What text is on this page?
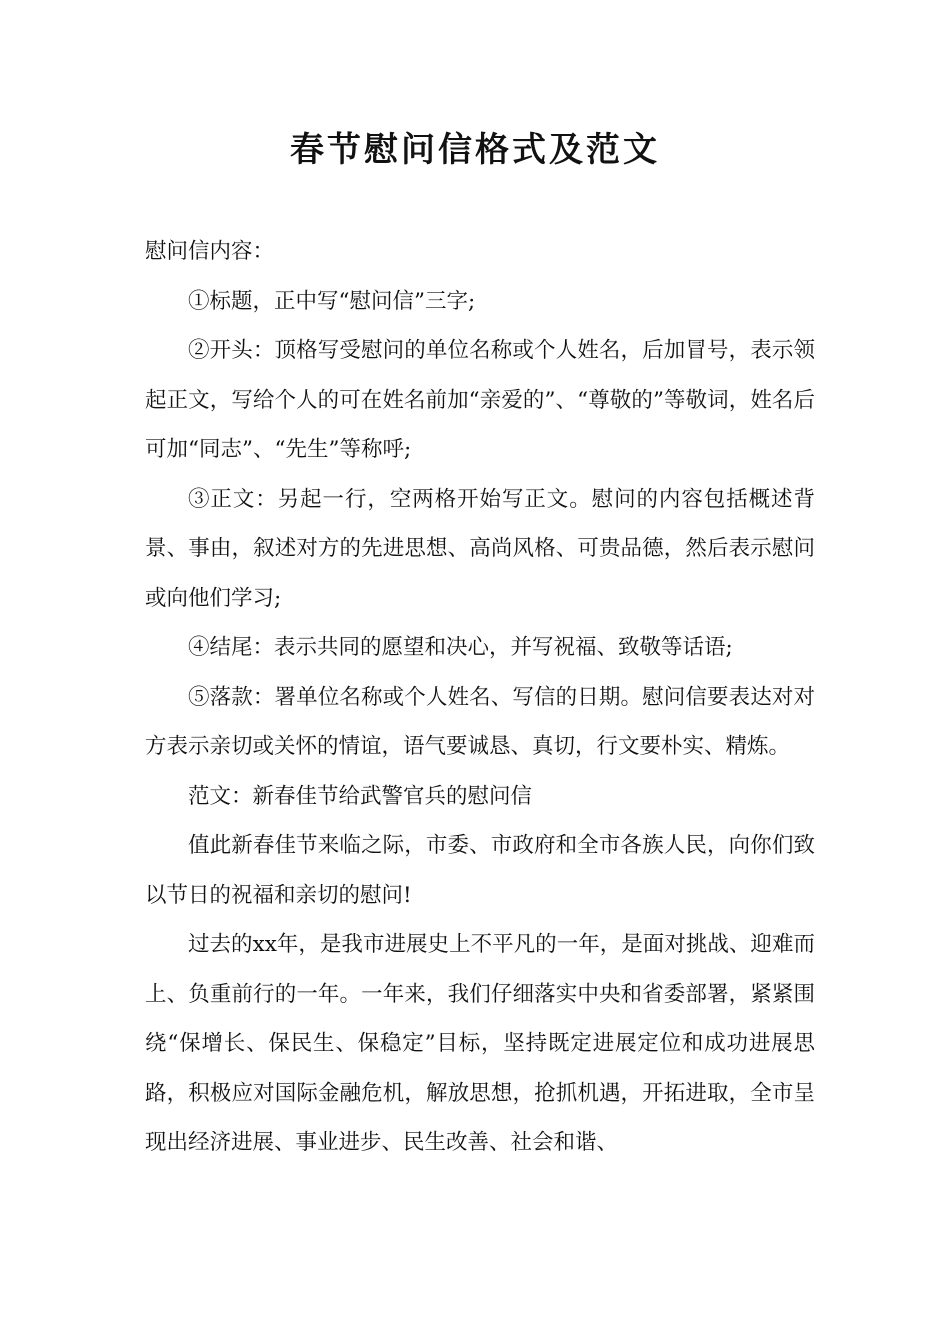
春节慰问信格式及范文

慰问信内容：

①标题，正中写“慰问信”三字;

②开头：顶格写受慰问的单位名称或个人姓名，后加冒号，表示领起正文，写给个人的可在姓名前加“亲爱的”、“尊敬的”等敬词，姓名后可加“同志”、“先生”等称呼;

③正文：另起一行，空两格开始写正文。慰问的内容包括概述背景、事由，叙述对方的先进思想、高尚风格、可贵品德，然后表示慰问或向他们学习;

④结尾：表示共同的愿望和决心，并写祝福、致敬等话语;

⑤落款：署单位名称或个人姓名、写信的日期。慰问信要表达对对方表示亲切或关怀的情谊，语气要诚恳、真切，行文要朴实、精炼。

范文：新春佳节给武警官兵的慰问信

值此新春佳节来临之际，市委、市政府和全市各族人民，向你们致以节日的祝福和亲切的慰问!

过去的xx年，是我市进展史上不平凡的一年，是面对挑战、迎难而上、负重前行的一年。一年来，我们仔细落实中央和省委部署，紧紧围绕“保增长、保民生、保稳定”目标，坚持既定进展定位和成功进展思路，积极应对国际金融危机，解放思想，抢抓机遇，开拓进取，全市呈现出经济进展、事业进步、民生改善、社会和谐、
